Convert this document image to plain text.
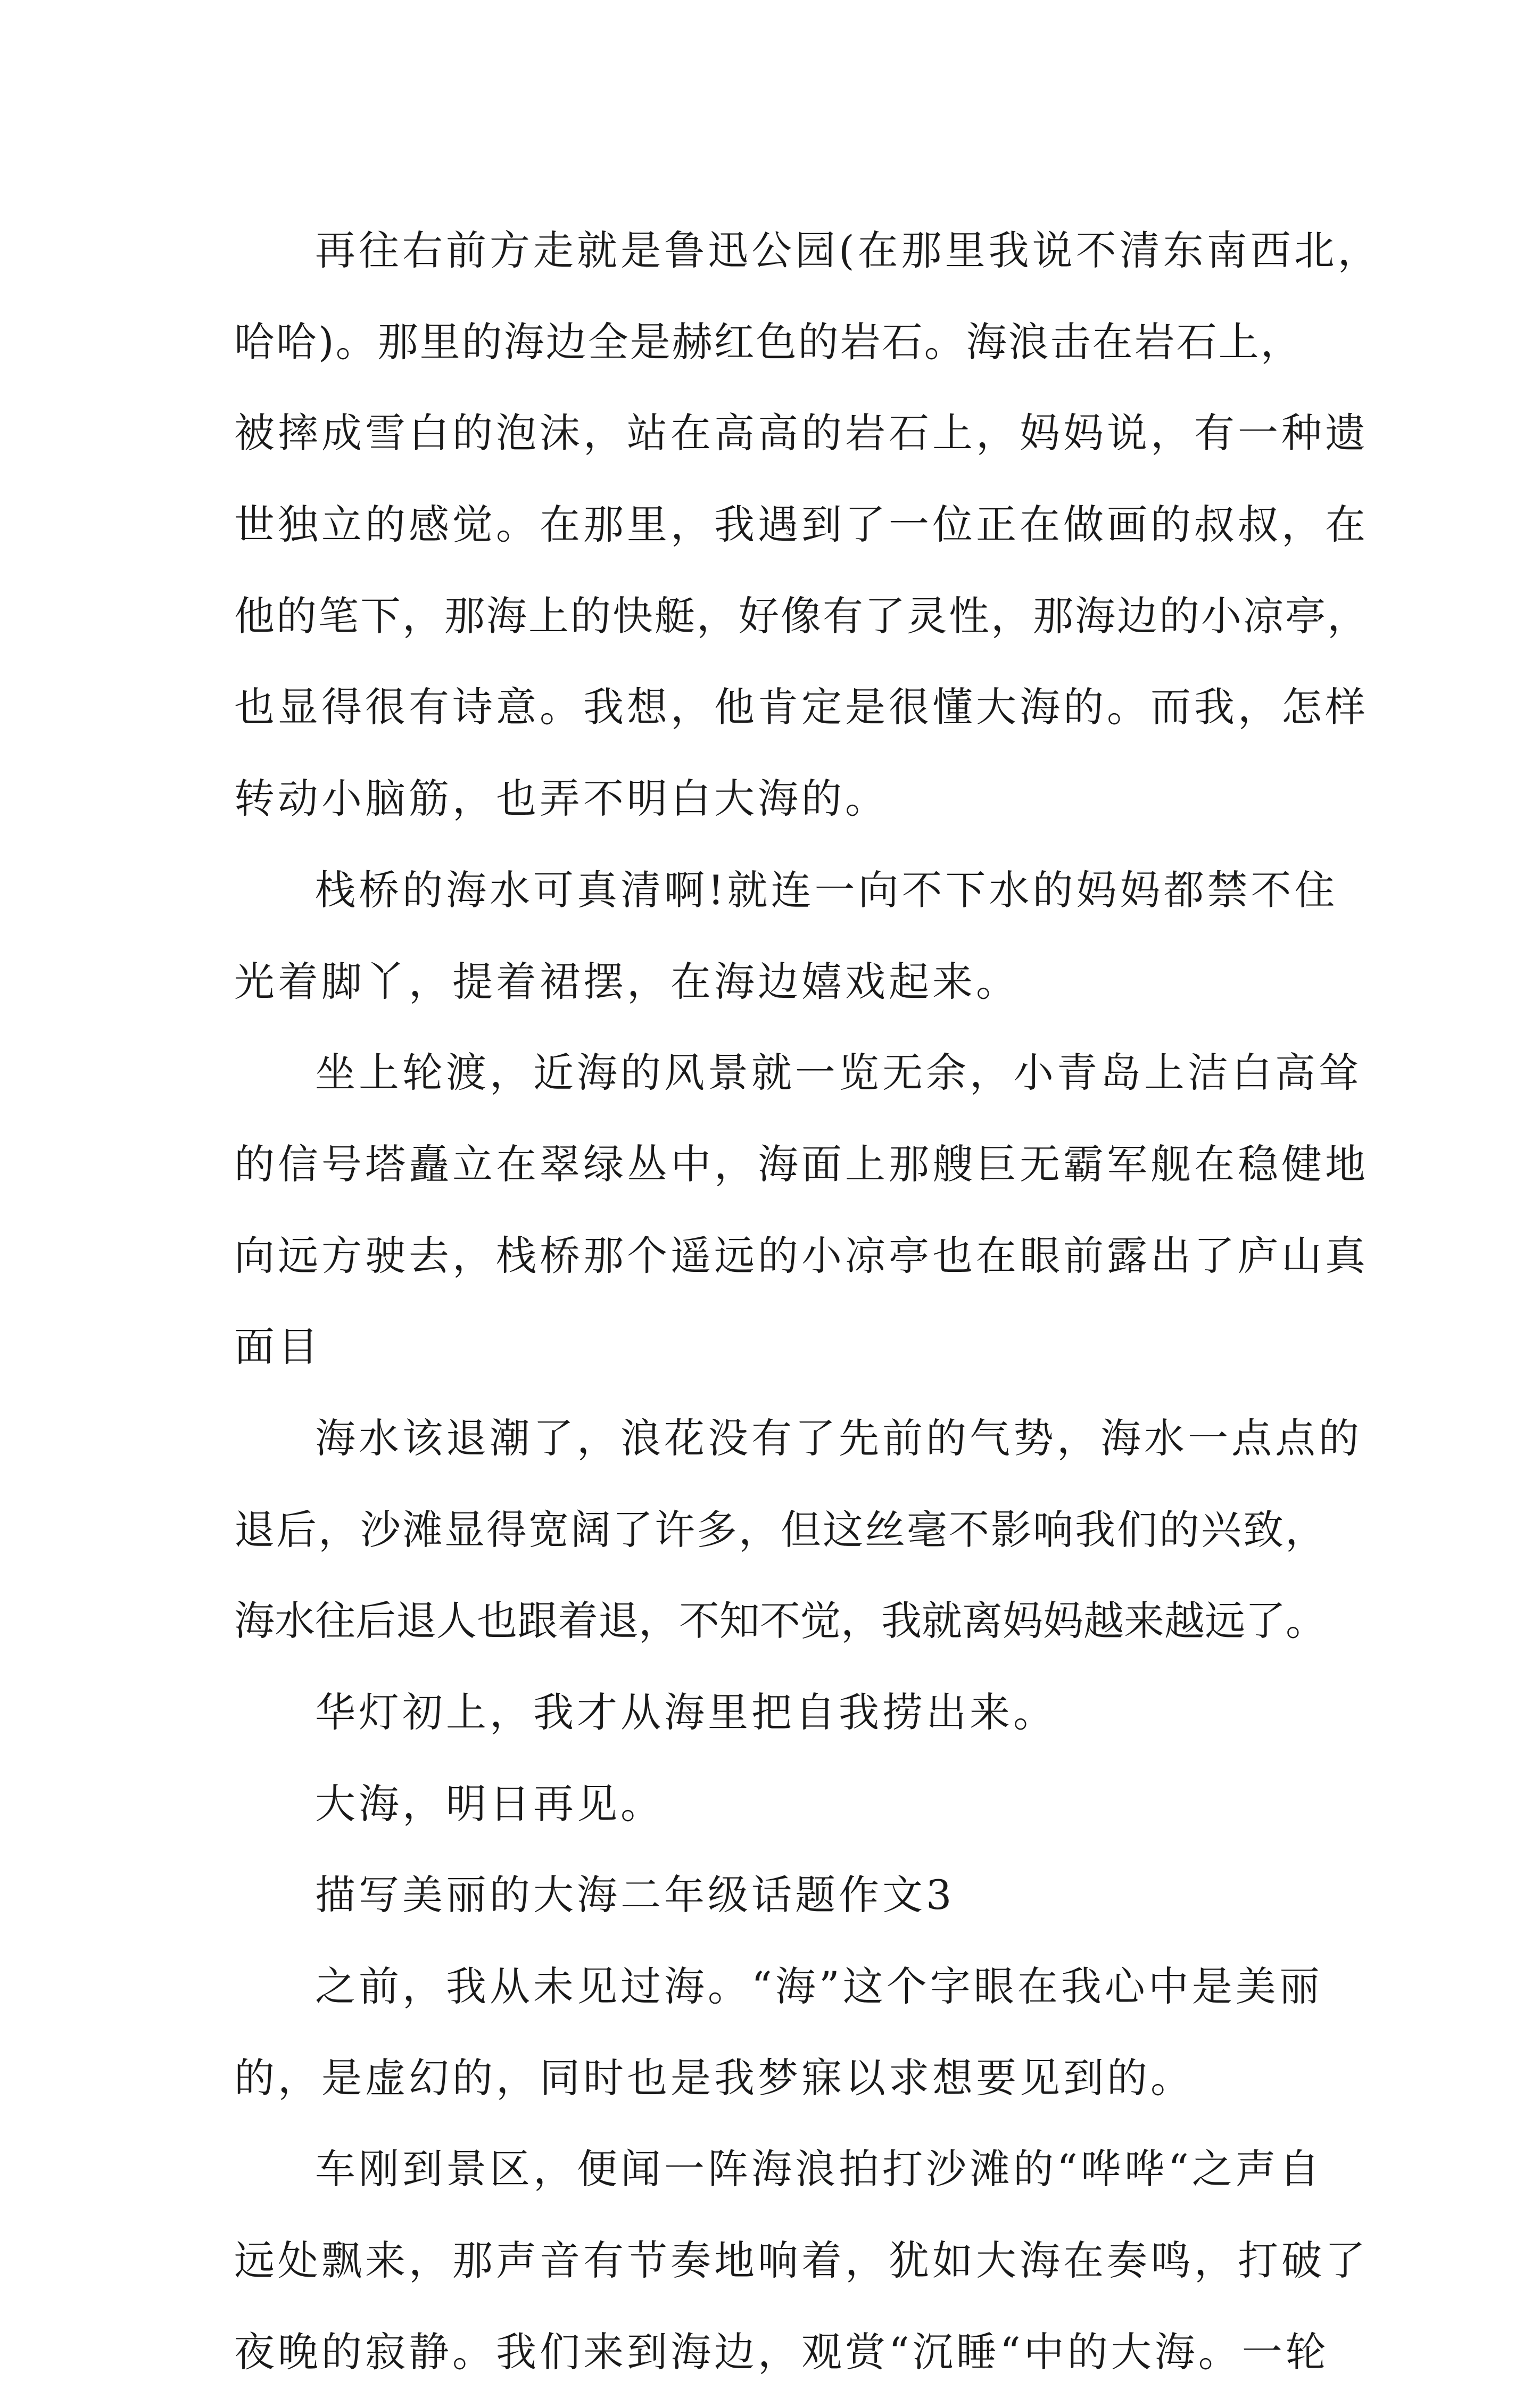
再往右前方走就是鲁迅公园(在那里我说不清东南西北，
哈哈)。那里的海边全是赫红色的岩石。海浪击在岩石上，
被摔成雪白的泡沫，站在高高的岩石上，妈妈说，有一种遗
世独立的感觉。在那里，我遇到了一位正在做画的叔叔，在
他的笔下，那海上的快艇，好像有了灵性，那海边的小凉亭，
也显得很有诗意。我想，他肯定是很懂大海的。而我，怎样
转动小脑筋，也弄不明白大海的。
栈桥的海水可真清啊!就连一向不下水的妈妈都禁不住
光着脚丫，提着裙摆，在海边嬉戏起来。
坐上轮渡，近海的风景就一览无余，小青岛上洁白高耸
的信号塔矗立在翠绿丛中，海面上那艘巨无霸军舰在稳健地
向远方驶去，栈桥那个遥远的小凉亭也在眼前露出了庐山真
面目
海水该退潮了，浪花没有了先前的气势，海水一点点的
退后，沙滩显得宽阔了许多，但这丝毫不影响我们的兴致，
海水往后退人也跟着退，不知不觉，我就离妈妈越来越远了。
华灯初上，我才从海里把自我捞出来。
大海，明日再见。
描写美丽的大海二年级话题作文3
之前，我从未见过海。“海”这个字眼在我心中是美丽
的，是虚幻的，同时也是我梦寐以求想要见到的。
车刚到景区，便闻一阵海浪拍打沙滩的“哗哗“之声自
远处飘来，那声音有节奏地响着，犹如大海在奏鸣，打破了
夜晚的寂静。我们来到海边，观赏“沉睡“中的大海。一轮
